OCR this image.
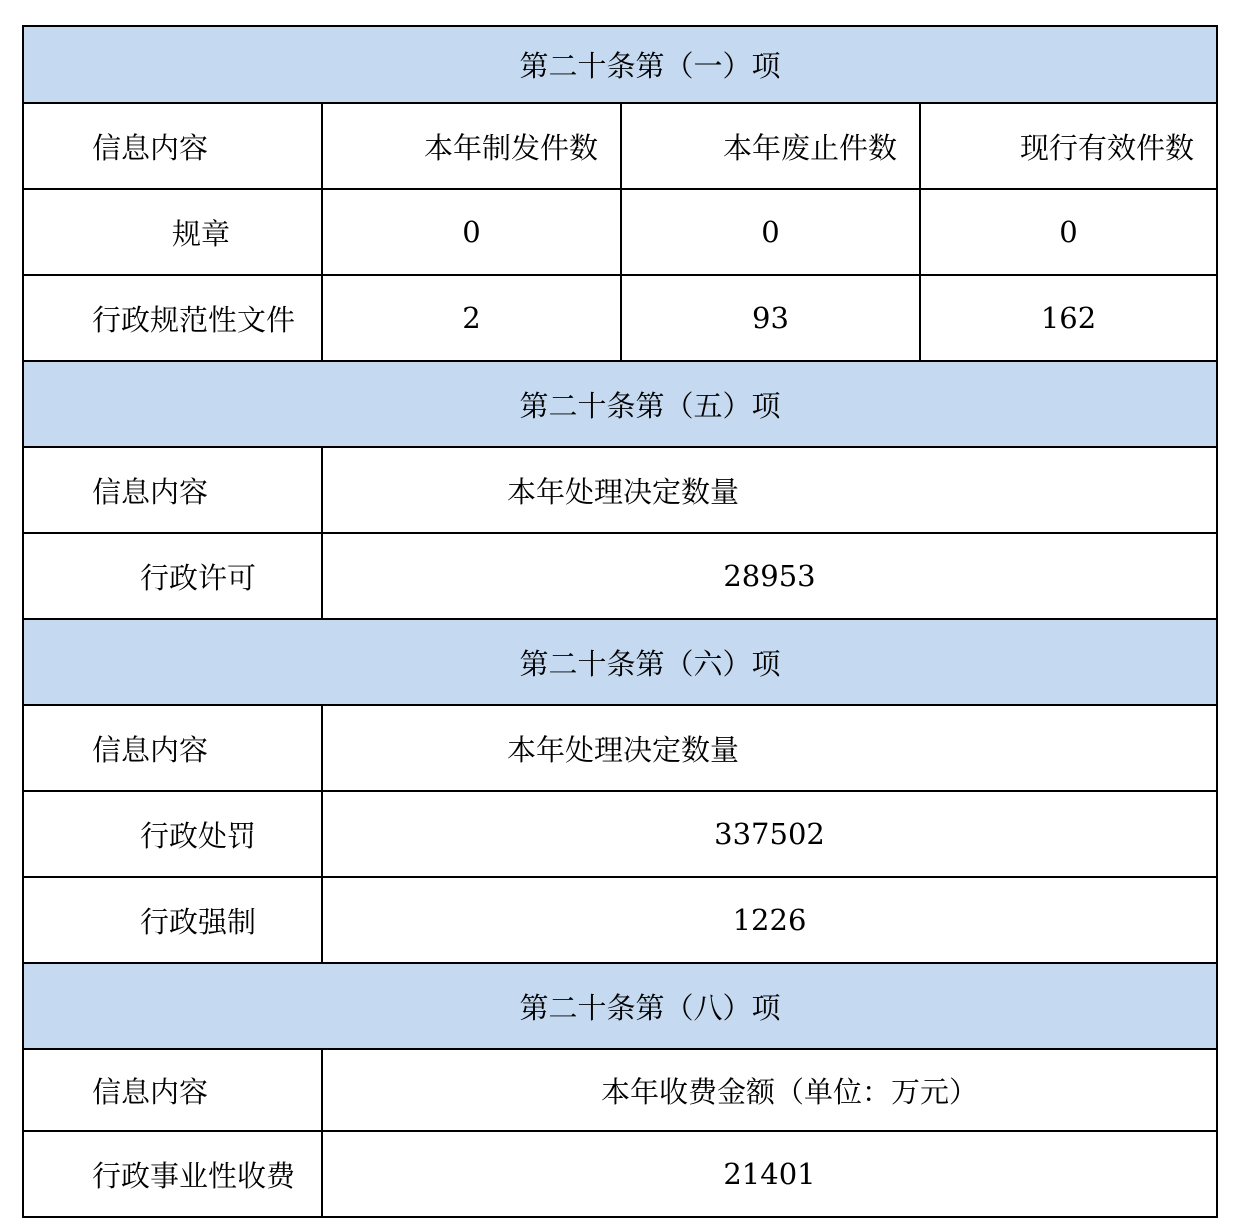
第二十条第（一）项
信息内容	本年制发件数	本年废止件数	现行有效件数
规章	0	0	0
行政规范性文件	2	93	162
第二十条第（五）项
信息内容	本年处理决定数量
行政许可	28953
第二十条第（六）项
信息内容	本年处理决定数量
行政处罚	337502
行政强制	1226
第二十条第（八）项
信息内容	本年收费金额（单位：万元）
行政事业性收费	21401
